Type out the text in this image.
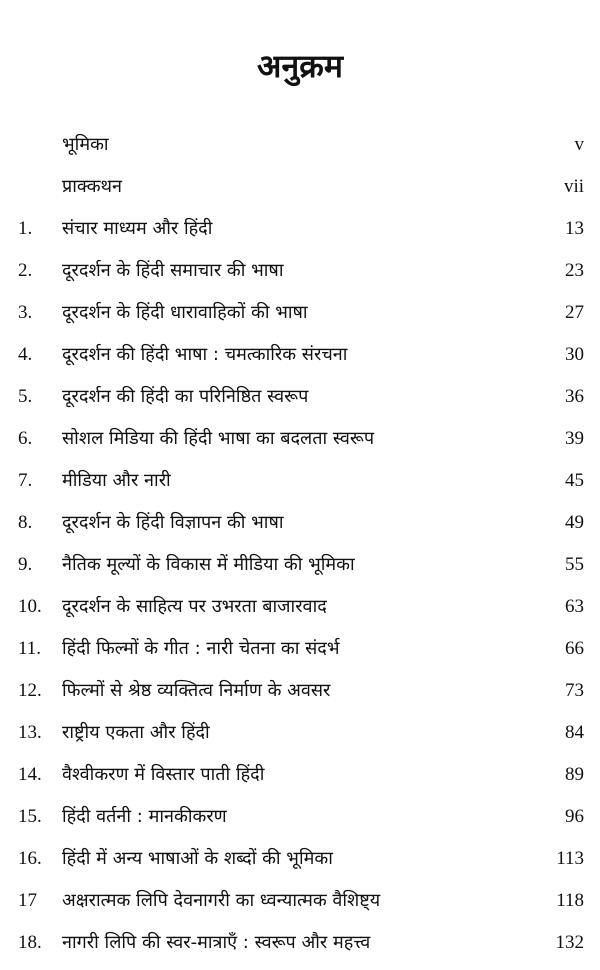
अनुक्रम
भूमिका	v
प्राक्कथन	vii
1. संचार माध्यम और हिंदी	13
2. दूरदर्शन के हिंदी समाचार की भाषा	23
3. दूरदर्शन के हिंदी धारावाहिकों की भाषा	27
4. दूरदर्शन की हिंदी भाषा : चमत्कारिक संरचना	30
5. दूरदर्शन की हिंदी का परिनिष्ठित स्वरूप	36
6. सोशल मिडिया की हिंदी भाषा का बदलता स्वरूप	39
7. मीडिया और नारी	45
8. दूरदर्शन के हिंदी विज्ञापन की भाषा	49
9. नैतिक मूल्यों के विकास में मीडिया की भूमिका	55
10. दूरदर्शन के साहित्य पर उभरता बाजारवाद	63
11. हिंदी फिल्मों के गीत : नारी चेतना का संदर्भ	66
12. फिल्मों से श्रेष्ठ व्यक्तित्व निर्माण के अवसर	73
13. राष्ट्रीय एकता और हिंदी	84
14. वैश्वीकरण में विस्तार पाती हिंदी	89
15. हिंदी वर्तनी : मानकीकरण	96
16. हिंदी में अन्य भाषाओं के शब्दों की भूमिका	113
17 अक्षरात्मक लिपि देवनागरी का ध्वन्यात्मक वैशिष्ट्य	118
18. नागरी लिपि की स्वर-मात्राएँ : स्वरूप और महत्त्व	132
